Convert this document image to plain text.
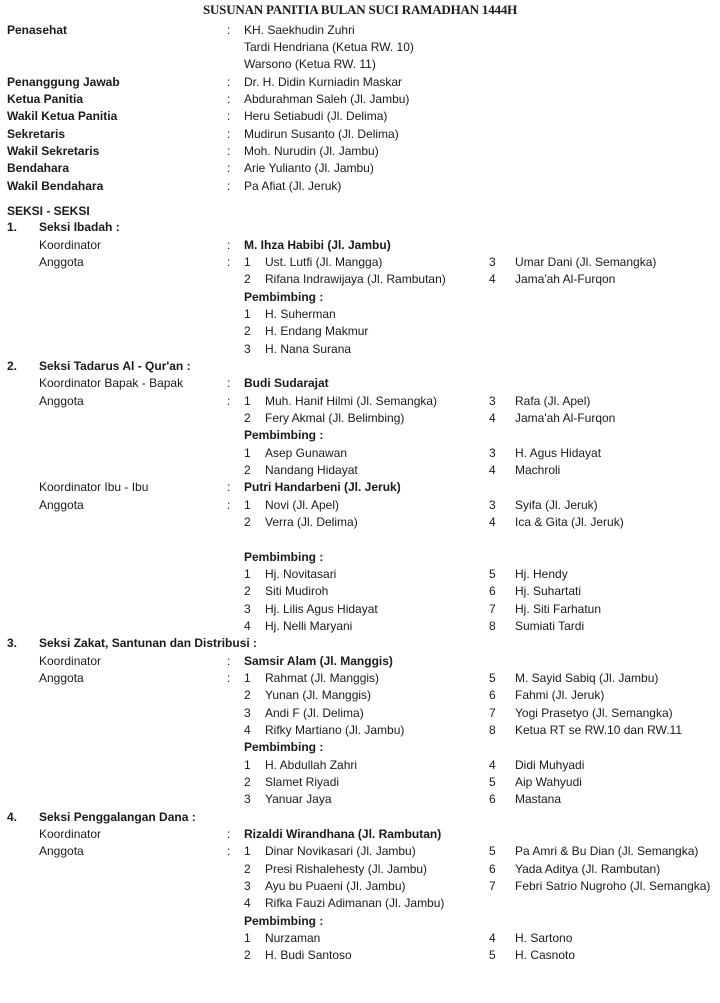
SUSUNAN PANITIA BULAN SUCI RAMADHAN 1444H
Penasehat	: KH. Saekhudin Zuhri
Tardi Hendriana (Ketua RW. 10)
Warsono (Ketua RW. 11)
Penanggung Jawab	: Dr. H. Didin Kurniadin Maskar
Ketua Panitia	: Abdurahman Saleh (Jl. Jambu)
Wakil Ketua Panitia	: Heru Setiabudi (Jl. Delima)
Sekretaris	: Mudirun Susanto (Jl. Delima)
Wakil Sekretaris	: Moh. Nurudin (Jl. Jambu)
Bendahara	: Arie Yulianto (Jl. Jambu)
Wakil Bendahara	: Pa Afiat (Jl. Jeruk)
SEKSI - SEKSI
1. Seksi Ibadah :
Koordinator	: M. Ihza Habibi (Jl. Jambu)
Anggota	: 1 Ust. Lutfi (Jl. Mangga)	3 Umar Dani (Jl. Semangka)
2 Rifana Indrawijaya (Jl. Rambutan)	4 Jama'ah Al-Furqon
Pembimbing :
1 H. Suherman
2 H. Endang Makmur
3 H. Nana Surana
2. Seksi Tadarus Al - Qur'an :
Koordinator Bapak - Bapak	: Budi Sudarajat
Anggota	: 1 Muh. Hanif Hilmi (Jl. Semangka)	3 Rafa (Jl. Apel)
2 Fery Akmal (Jl. Belimbing)	4 Jama'ah Al-Furqon
Pembimbing :
1 Asep Gunawan	3 H. Agus Hidayat
2 Nandang Hidayat	4 Machroli
Koordinator Ibu - Ibu	: Putri Handarbeni (Jl. Jeruk)
Anggota	: 1 Novi (Jl. Apel)	3 Syifa (Jl. Jeruk)
2 Verra (Jl. Delima)	4 Ica & Gita (Jl. Jeruk)
Pembimbing :
1 Hj. Novitasari	5 Hj. Hendy
2 Siti Mudiroh	6 Hj. Suhartati
3 Hj. Lilis Agus Hidayat	7 Hj. Siti Farhatun
4 Hj. Nelli Maryani	8 Sumiati Tardi
3. Seksi Zakat, Santunan dan Distribusi :
Koordinator	: Samsir Alam (Jl. Manggis)
Anggota	: 1 Rahmat (Jl. Manggis)	5 M. Sayid Sabiq (Jl. Jambu)
2 Yunan (Jl. Manggis)	6 Fahmi (Jl. Jeruk)
3 Andi F (Jl. Delima)	7 Yogi Prasetyo (Jl. Semangka)
4 Rifky Martiano (Jl. Jambu)	8 Ketua RT se RW.10 dan RW.11
Pembimbing :
1 H. Abdullah Zahri	4 Didi Muhyadi
2 Slamet Riyadi	5 Aip Wahyudi
3 Yanuar Jaya	6 Mastana
4. Seksi Penggalangan Dana :
Koordinator	: Rizaldi Wirandhana (Jl. Rambutan)
Anggota	: 1 Dinar Novikasari (Jl. Jambu)	5 Pa Amri & Bu Dian (Jl. Semangka)
2 Presi Rishalehesty (Jl. Jambu)	6 Yada Aditya (Jl. Rambutan)
3 Ayu bu Puaeni (Jl. Jambu)	7 Febri Satrio Nugroho (Jl. Semangka)
4 Rifka Fauzi Adimanan (Jl. Jambu)
Pembimbing :
1 Nurzaman	4 H. Sartono
2 H. Budi Santoso	5 H. Casnoto
